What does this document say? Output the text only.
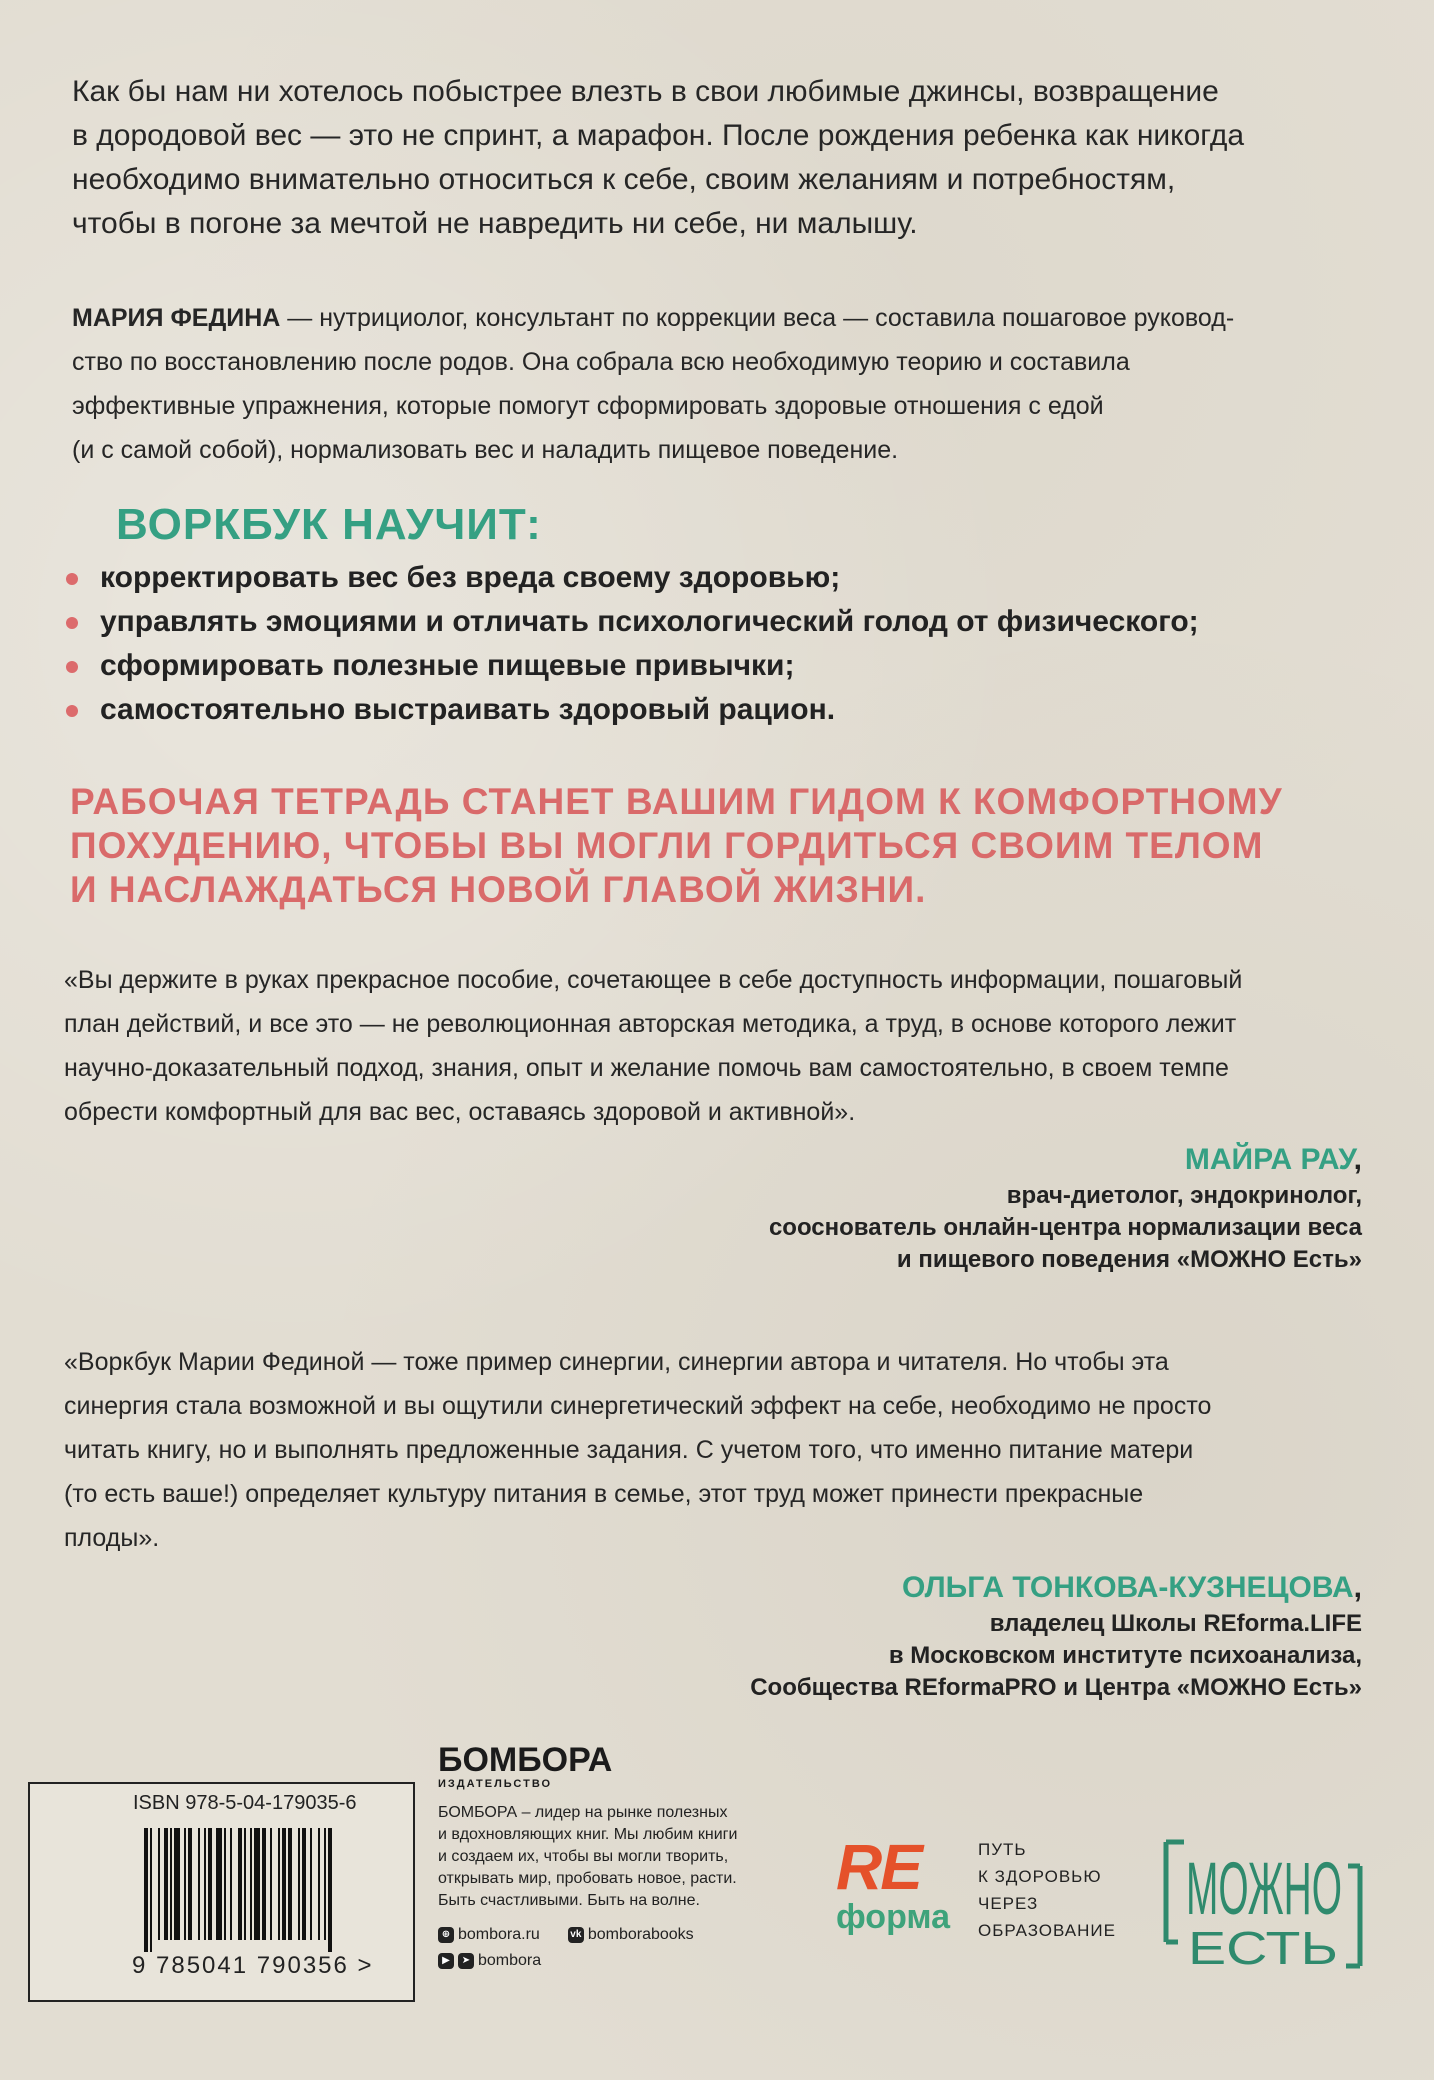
Как бы нам ни хотелось побыстрее влезть в свои любимые джинсы, возвращение

в дородовой вес — это не спринт, а марафон. После рождения ребенка как никогда

необходимо внимательно относиться к себе, своим желаниям и потребностям,

чтобы в погоне за мечтой не навредить ни себе, ни малышу.

МАРИЯ ФЕДИНА — нутрициолог, консультант по коррекции веса — составила пошаговое руковод-
ство по восстановлению после родов. Она собрала всю необходимую теорию и составила
эффективные упражнения, которые помогут сформировать здоровые отношения с едой
(и с самой собой), нормализовать вес и наладить пищевое поведение.
ВОРКБУК НАУЧИТ:
корректировать вес без вреда своему здоровью;
управлять эмоциями и отличать психологический голод от физического;
сформировать полезные пищевые привычки;
самостоятельно выстраивать здоровый рацион.

РАБОЧАЯ ТЕТРАДЬ СТАНЕТ ВАШИМ ГИДОМ К КОМФОРТНОМУ

ПОХУДЕНИЮ, ЧТОБЫ ВЫ МОГЛИ ГОРДИТЬСЯ СВОИМ ТЕЛОМ

И НАСЛАЖДАТЬСЯ НОВОЙ ГЛАВОЙ ЖИЗНИ.

«Вы держите в руках прекрасное пособие, сочетающее в себе доступность информации, пошаговый

план действий, и все это — не революционная авторская методика, а труд, в основе которого лежит

научно-доказательный подход, знания, опыт и желание помочь вам самостоятельно, в своем темпе

обрести комфортный для вас вес, оставаясь здоровой и активной».

МАЙРА РАУ,
врач-диетолог, эндокринолог,
сооснователь онлайн-центра нормализации веса
и пищевого поведения «МОЖНО Есть»

«Воркбук Марии Фединой — тоже пример синергии, синергии автора и читателя. Но чтобы эта

синергия стала возможной и вы ощутили синергетический эффект на себе, необходимо не просто

читать книгу, но и выполнять предложенные задания. С учетом того, что именно питание матери

(то есть ваше!) определяет культуру питания в семье, этот труд может принести прекрасные

плоды».

ОЛЬГА ТОНКОВА-КУЗНЕЦОВА,
владелец Школы REforma.LIFE
в Московском институте психоанализа,
Сообщества REformaPRO и Центра «МОЖНО Есть»
ISBN 978-5-04-179035-6
9 785041 790356 >
БОМБОРА
ИЗДАТЕЛЬСТВО
БОМБОРА – лидер на рынке полезных
и вдохновляющих книг. Мы любим книги
и создаем их, чтобы вы могли творить,
открывать мир, пробовать новое, расти.
Быть счастливыми. Быть на волне.
⊕ bombora.ru	vk bomborabooks
▶	➤ bombora
RE
форма
ПУТЬ
К ЗДОРОВЬЮ
ЧЕРЕЗ
ОБРАЗОВАНИЕ
МОЖНО
ЕСТЬ
